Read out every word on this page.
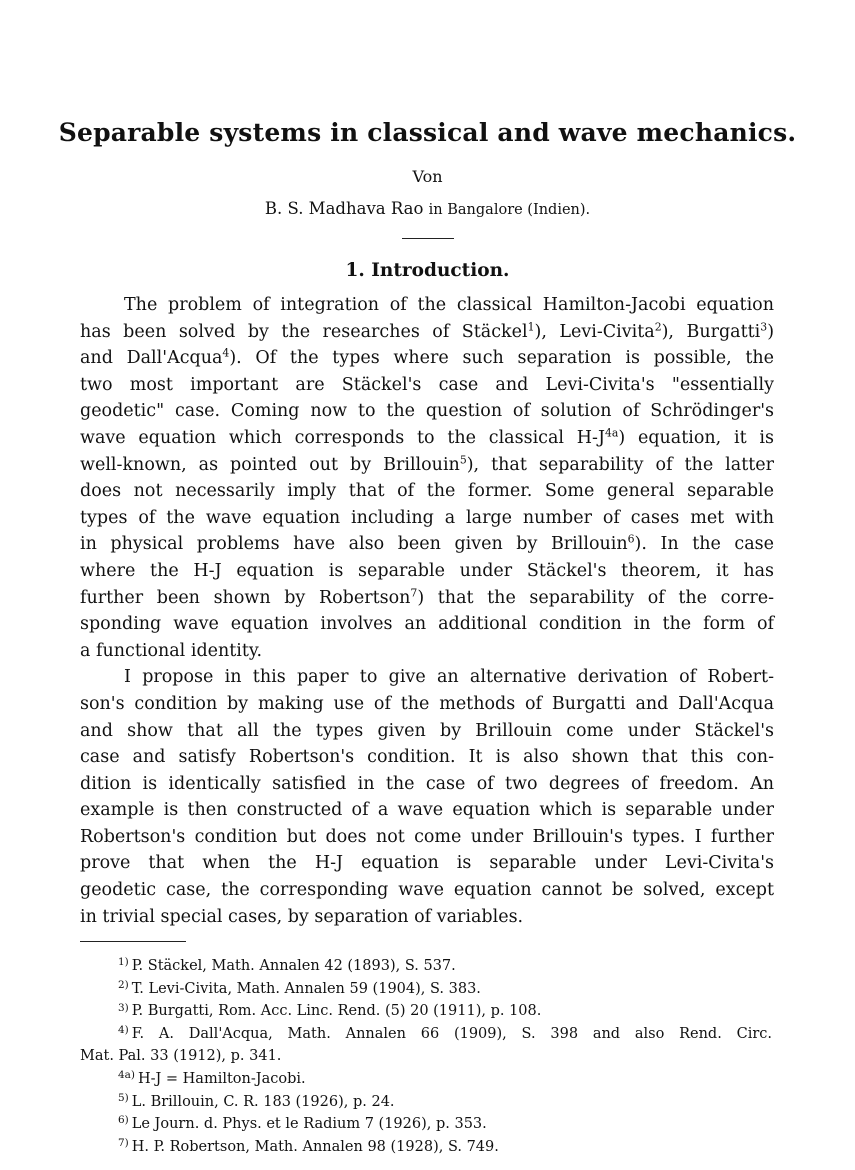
Separable systems in classical and wave mechanics.
Von
B. S. Madhava Rao in Bangalore (Indien).
1. Introduction.
The problem of integration of the classical Hamilton-Jacobi equation
has been solved by the researches of Stäckel$^1$), Levi-Civita$^2$), Burgatti$^3$)
and Dall'Acqua$^4$). Of the types where such separation is possible, the
two most important are Stäckel's case and Levi-Civita's "essentially
geodetic" case. Coming now to the question of solution of Schrödinger's
wave equation which corresponds to the classical $H-J^{4a}$) equation, it is
well-known, as pointed out by Brillouin$^5$), that separability of the latter
does not necessarily imply that of the former. Some general separable
types of the wave equation including a large number of cases met with
in physical problems have also been given by Brillouin$^6$). In the case
where the H-J equation is separable under Stäckel's theorem, it has
further been shown by Robertson$^7$) that the separability of the corre-
sponding wave equation involves an additional condition in the form of
a functional identity.
I propose in this paper to give an alternative derivation of Robert-
son's condition by making use of the methods of Burgatti and Dall'Acqua
and show that all the types given by Brillouin come under Stäckel's
case and satisfy Robertson's condition. It is also shown that this con-
dition is identically satisfied in the case of two degrees of freedom. An
example is then constructed of a wave equation which is separable under
Robertson's condition but does not come under Brillouin's types. I further
prove that when the H-J equation is separable under Levi-Civita's
geodetic case, the corresponding wave equation cannot be solved, except
in trivial special cases, by separation of variables.
$^{1)}$ P. Stäckel, Math. Annalen 42 (1893), S. 537.
$^{2)}$ T. Levi-Civita, Math. Annalen 59 (1904), S. 383.
$^{3)}$ P. Burgatti, Rom. Acc. Linc. Rend. (5) 20 (1911), p. 108.
$^{4)}$ F. A. Dall'Acqua, Math. Annalen 66 (1909), S. 398 and also Rend. Circ.
Mat. Pal. 33 (1912), p. 341.
$^{4a)}$ H-J = Hamilton-Jacobi.
$^{5)}$ L. Brillouin, C. R. 183 (1926), p. 24.
$^{6)}$ Le Journ. d. Phys. et le Radium 7 (1926), p. 353.
$^{7)}$ H. P. Robertson, Math. Annalen 98 (1928), S. 749.
